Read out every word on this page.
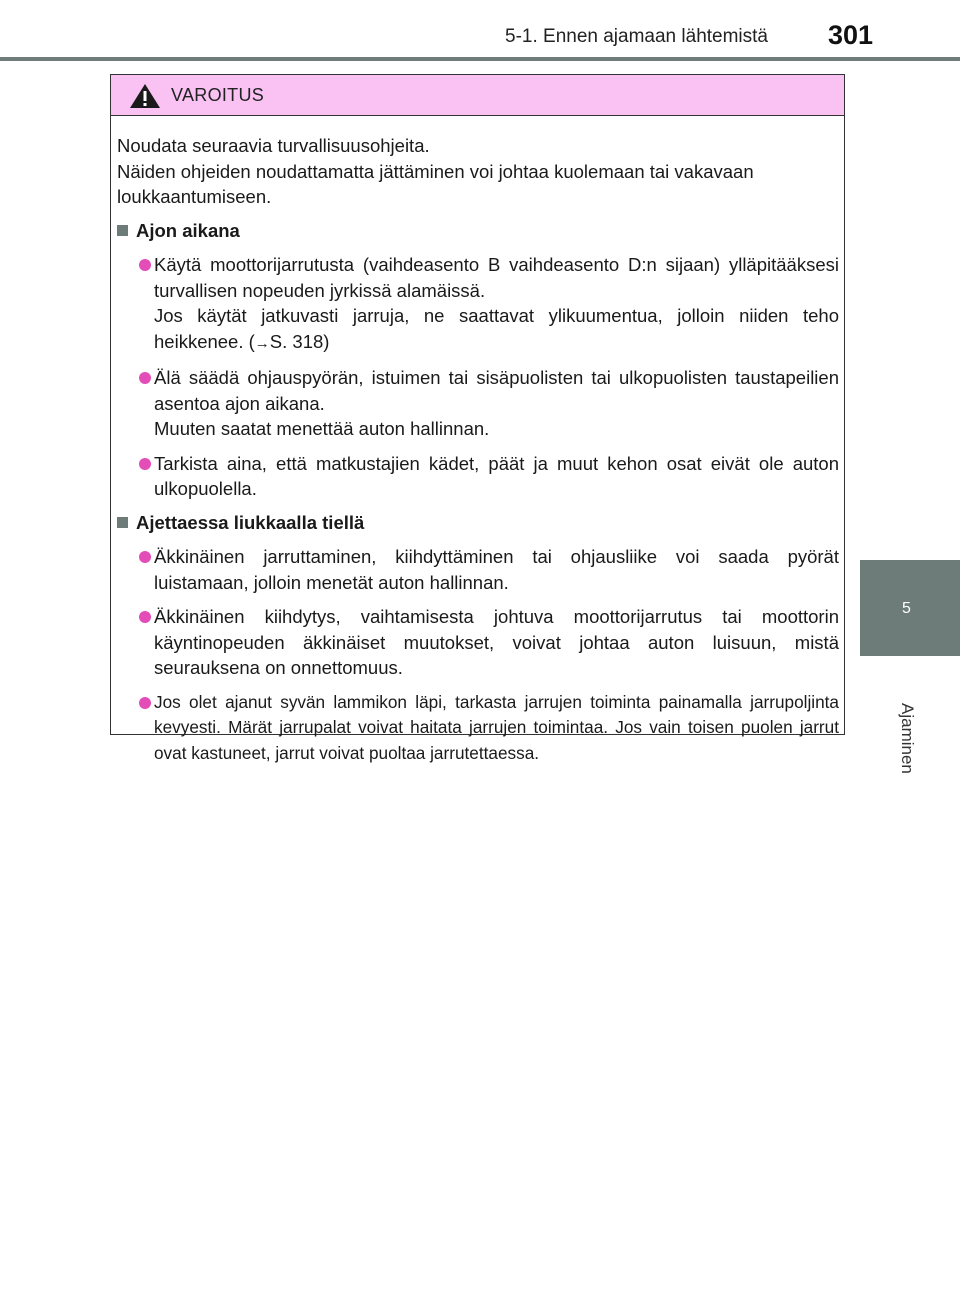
5-1. Ennen ajamaan lähtemistä 301
5
Ajaminen
VAROITUS

Noudata seuraavia turvallisuusohjeita.

Näiden ohjeiden noudattamatta jättäminen voi johtaa kuolemaan tai vakavaan loukkaantumiseen.

Ajon aikana

Käytä moottorijarrutusta (vaihdeasento B vaihdeasento D:n sijaan) ylläpitääksesi turvallisen nopeuden jyrkissä alamäissä.

Jos käytät jatkuvasti jarruja, ne saattavat ylikuumentua, jolloin niiden teho heikkenee. (→S. 318)

Älä säädä ohjauspyörän, istuimen tai sisäpuolisten tai ulkopuolisten taustapeilien asentoa ajon aikana.

Muuten saatat menettää auton hallinnan.

Tarkista aina, että matkustajien kädet, päät ja muut kehon osat eivät ole auton ulkopuolella.

Ajettaessa liukkaalla tiellä

Äkkinäinen jarruttaminen, kiihdyttäminen tai ohjausliike voi saada pyörät luistamaan, jolloin menetät auton hallinnan.

Äkkinäinen kiihdytys, vaihtamisesta johtuva moottorijarrutus tai moottorin käyntinopeuden äkkinäiset muutokset, voivat johtaa auton luisuun, mistä seurauksena on onnettomuus.

Jos olet ajanut syvän lammikon läpi, tarkasta jarrujen toiminta painamalla jarrupoljinta kevyesti. Märät jarrupalat voivat haitata jarrujen toimintaa. Jos vain toisen puolen jarrut ovat kastuneet, jarrut voivat puoltaa jarrutettaessa.
